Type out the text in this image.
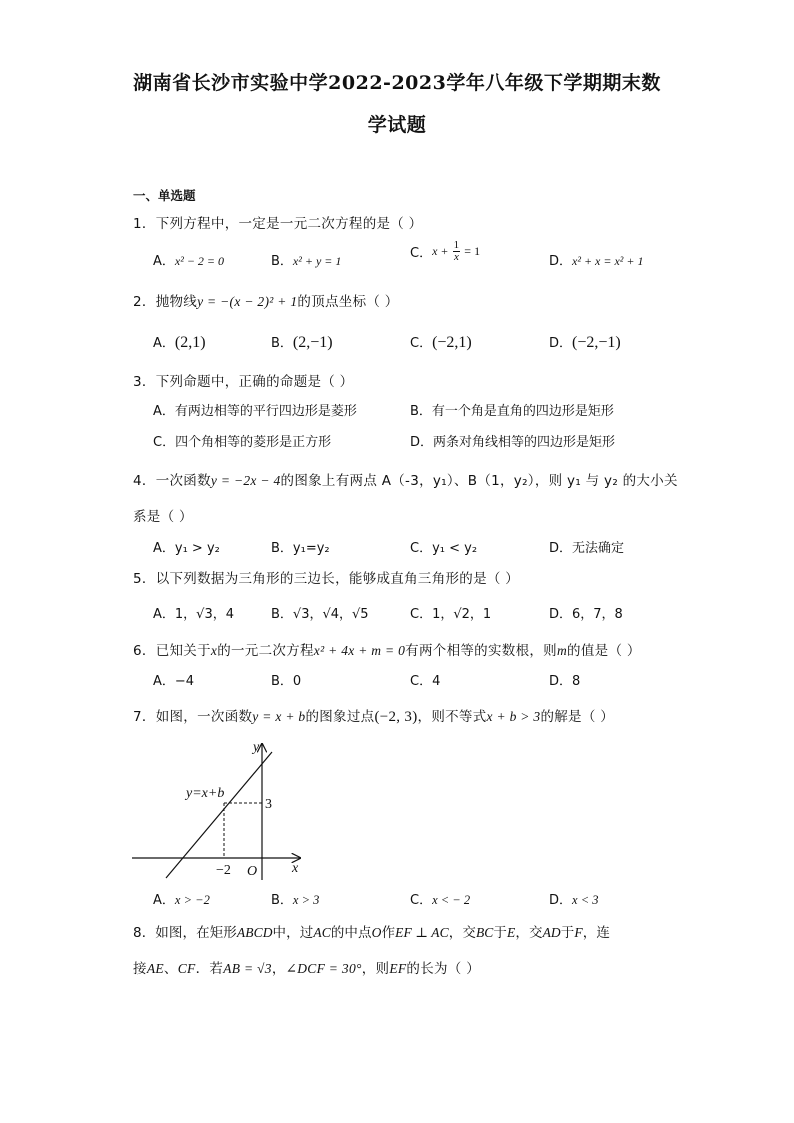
湖南省长沙市实验中学2022-2023学年八年级下学期期末数
学试题
一、单选题
1．下列方程中，一定是一元二次方程的是（ ）
A．x² − 2 = 0	B．x² + y = 1	C．$x + \frac{1}{x} = 1$
D．x² + x = x² + 1
2．抛物线y = −(x − 2)² + 1的顶点坐标（ ）
A．(2,1)	B．(2,−1)	C．(−2,1)	D．(−2,−1)
3．下列命题中，正确的命题是（ ）
A．有两边相等的平行四边形是菱形	B．有一个角是直角的四边形是矩形
C．四个角相等的菱形是正方形	D．两条对角线相等的四边形是矩形
4．一次函数y = −2x − 4的图象上有两点 A（-3，y₁）、B（1，y₂），则 y₁ 与 y₂ 的大小关
系是（ ）
A．y₁ > y₂	B．y₁=y₂	C．y₁ < y₂	D．无法确定
5．以下列数据为三角形的三边长，能够成直角三角形的是（ ）
A．1，√3，4	B．√3，√4，√5	C．1，√2，1	D．6，7，8
6．已知关于x的一元二次方程x² + 4x + m = 0有两个相等的实数根，则m的值是（ ）
A．−4	B．0	C．4	D．8
7．如图，一次函数y = x + b的图象过点(−2, 3)，则不等式x + b > 3的解是（ ）
y
x
O
y=x+b
3
−2
A．x > −2	B．x > 3	C．x < − 2	D．x < 3
8．如图，在矩形ABCD中，过AC的中点O作EF ⊥ AC，交BC于E，交AD于F，连
接AE、CF．若AB = √3，∠DCF = 30°，则EF的长为（ ）
